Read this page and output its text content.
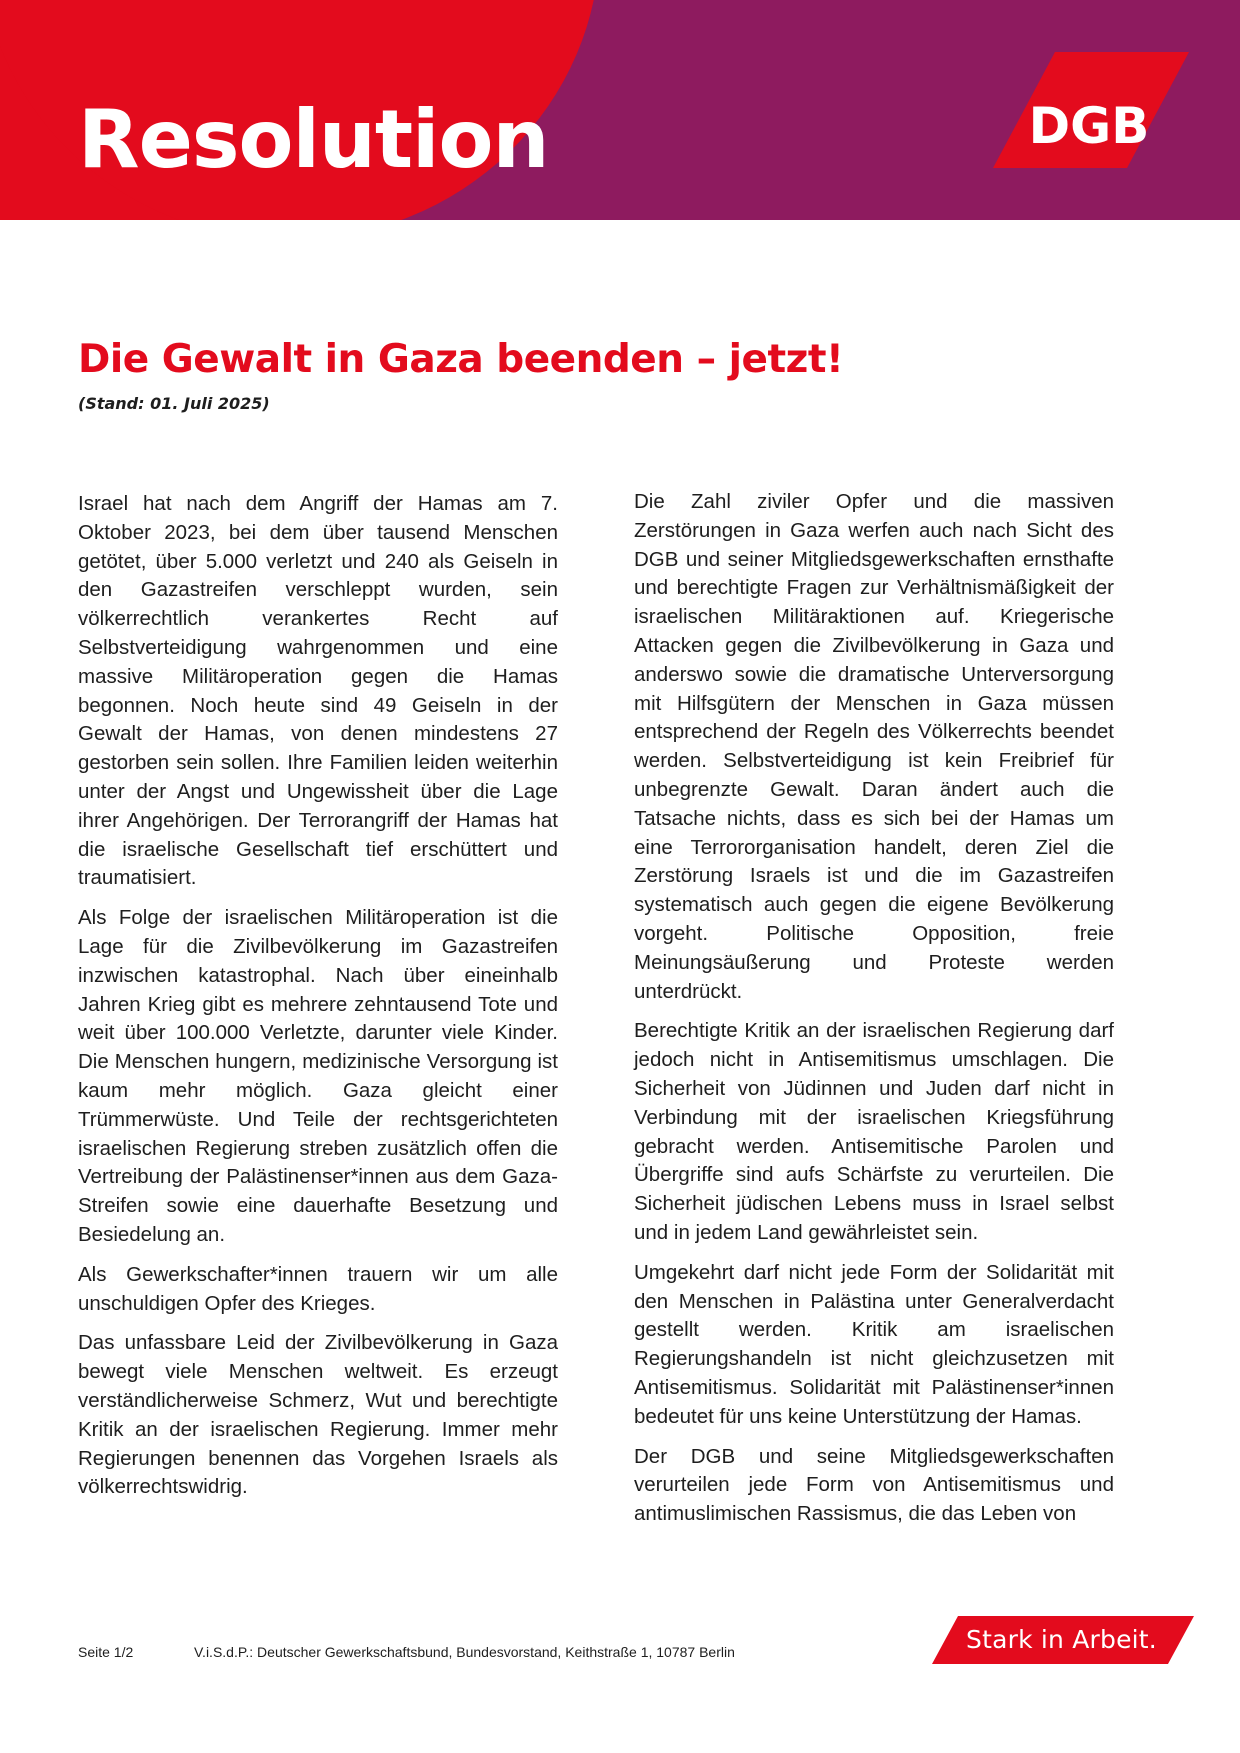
Resolution	DGB
Die Gewalt in Gaza beenden – jetzt!

(Stand: 01. Juli 2025)

Israel hat nach dem Angriff der Hamas am 7. Oktober 2023, bei dem über tausend Menschen getötet, über 5.000 verletzt und 240 als Geiseln in den Gazastreifen verschleppt wurden, sein völkerrechtlich verankertes Recht auf Selbstverteidigung wahrgenommen und eine massive Militäroperation gegen die Hamas begonnen. Noch heute sind 49 Geiseln in der Gewalt der Hamas, von denen mindestens 27 gestorben sein sollen. Ihre Familien leiden weiterhin unter der Angst und Ungewissheit über die Lage ihrer Angehörigen. Der Terrorangriff der Hamas hat die israelische Gesellschaft tief erschüttert und traumatisiert.

Als Folge der israelischen Militäroperation ist die Lage für die Zivilbevölkerung im Gazastreifen inzwischen katastrophal. Nach über eineinhalb Jahren Krieg gibt es mehrere zehntausend Tote und weit über 100.000 Verletzte, darunter viele Kinder. Die Menschen hungern, medizinische Versorgung ist kaum mehr möglich. Gaza gleicht einer Trümmerwüste. Und Teile der rechtsgerichteten israelischen Regierung streben zusätzlich offen die Vertreibung der Palästinenser*innen aus dem Gaza-Streifen sowie eine dauerhafte Besetzung und Besiedelung an.

Als Gewerkschafter*innen trauern wir um alle unschuldigen Opfer des Krieges.

Das unfassbare Leid der Zivilbevölkerung in Gaza bewegt viele Menschen weltweit. Es erzeugt verständlicherweise Schmerz, Wut und berechtigte Kritik an der israelischen Regierung. Immer mehr Regierungen benennen das Vorgehen Israels als völkerrechtswidrig.

Die Zahl ziviler Opfer und die massiven Zerstörungen in Gaza werfen auch nach Sicht des DGB und seiner Mitgliedsgewerkschaften ernsthafte und berechtigte Fragen zur Verhältnismäßigkeit der israelischen Militäraktionen auf. Kriegerische Attacken gegen die Zivilbevölkerung in Gaza und anderswo sowie die dramatische Unterversorgung mit Hilfsgütern der Menschen in Gaza müssen entsprechend der Regeln des Völkerrechts beendet werden. Selbstverteidigung ist kein Freibrief für unbegrenzte Gewalt. Daran ändert auch die Tatsache nichts, dass es sich bei der Hamas um eine Terrororganisation handelt, deren Ziel die Zerstörung Israels ist und die im Gazastreifen systematisch auch gegen die eigene Bevölkerung vorgeht. Politische Opposition, freie Meinungsäußerung und Proteste werden unterdrückt.

Berechtigte Kritik an der israelischen Regierung darf jedoch nicht in Antisemitismus umschlagen. Die Sicherheit von Jüdinnen und Juden darf nicht in Verbindung mit der israelischen Kriegsführung gebracht werden. Antisemitische Parolen und Übergriffe sind aufs Schärfste zu verurteilen. Die Sicherheit jüdischen Lebens muss in Israel selbst und in jedem Land gewährleistet sein.

Umgekehrt darf nicht jede Form der Solidarität mit den Menschen in Palästina unter Generalverdacht gestellt werden. Kritik am israelischen Regierungshandeln ist nicht gleichzusetzen mit Antisemitismus. Solidarität mit Palästinenser*innen bedeutet für uns keine Unterstützung der Hamas.

Der DGB und seine Mitgliedsgewerkschaften verurteilen jede Form von Antisemitismus und antimuslimischen Rassismus, die das Leben von

Seite 1/2	V.i.S.d.P.: Deutscher Gewerkschaftsbund, Bundesvorstand, Keithstraße 1, 10787 Berlin	Stark in Arbeit.
